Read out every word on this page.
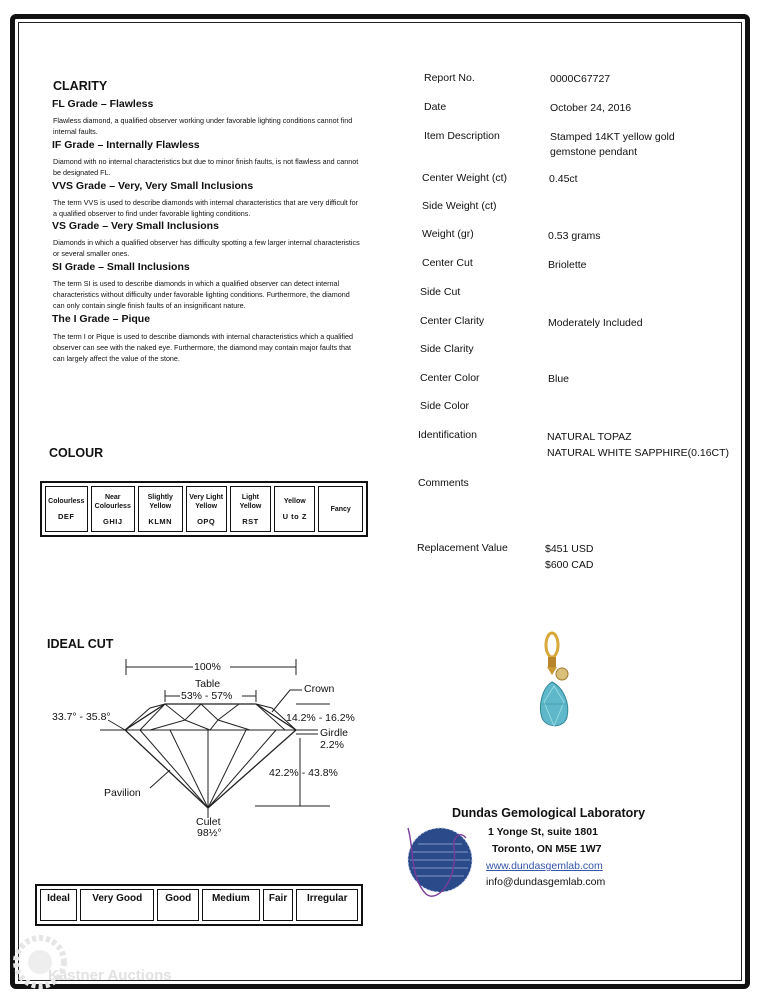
CLARITY
FL Grade – Flawless
Flawless diamond, a qualified observer working under favorable lighting conditions cannot find internal faults.
IF Grade – Internally Flawless
Diamond with no internal characteristics but due to minor finish faults, is not flawless and cannot be designated FL.
VVS Grade – Very, Very Small Inclusions
The term VVS is used to describe diamonds with internal characteristics that are very difficult for a qualified observer to find under favorable lighting conditions.
VS Grade – Very Small Inclusions
Diamonds in which a qualified observer has difficulty spotting a few larger internal characteristics or several smaller ones.
SI Grade – Small Inclusions
The term SI is used to describe diamonds in which a qualified observer can detect internal characteristics without difficulty under favorable lighting conditions. Furthermore, the diamond can only contain single finish faults of an insignificant nature.
The I Grade – Pique
The term I or Pique is used to describe diamonds with internal characteristics which a qualified observer can see with the naked eye. Furthermore, the diamond may contain major faults that can largely affect the value of the stone.
COLOUR
Colourless
DEF
	Near Colourless
GHIJ
	Slightly Yellow
KLMN
	Very Light Yellow
OPQ
	Light Yellow
RST
	Yellow
U to Z
	Fancy
IDEAL CUT
100%
Table
53% - 57%
Crown
33.7° - 35.8°	14.2% - 16.2%
Girdle
2.2%
42.2% - 43.8%
Pavilion
Culet
98½°
Ideal	Very Good	Good	Medium	Fair	Irregular
Report No.	0000C67727
Date	October 24, 2016
Item Description	Stamped 14KT yellow gold gemstone pendant
Center Weight (ct)	0.45ct
Side Weight (ct)
Weight (gr)	0.53 grams
Center Cut	Briolette
Side Cut
Center Clarity	Moderately Included
Side Clarity
Center Color	Blue
Side Color
Identification	NATURAL TOPAZ
NATURAL WHITE SAPPHIRE(0.16CT)
Comments
Replacement Value	$451 USD
$600 CAD
Dundas Gemological Laboratory
1 Yonge St, suite 1801
Toronto, ON M5E 1W7
www.dundasgemlab.com
info@dundasgemlab.com
Kastner Auctions
